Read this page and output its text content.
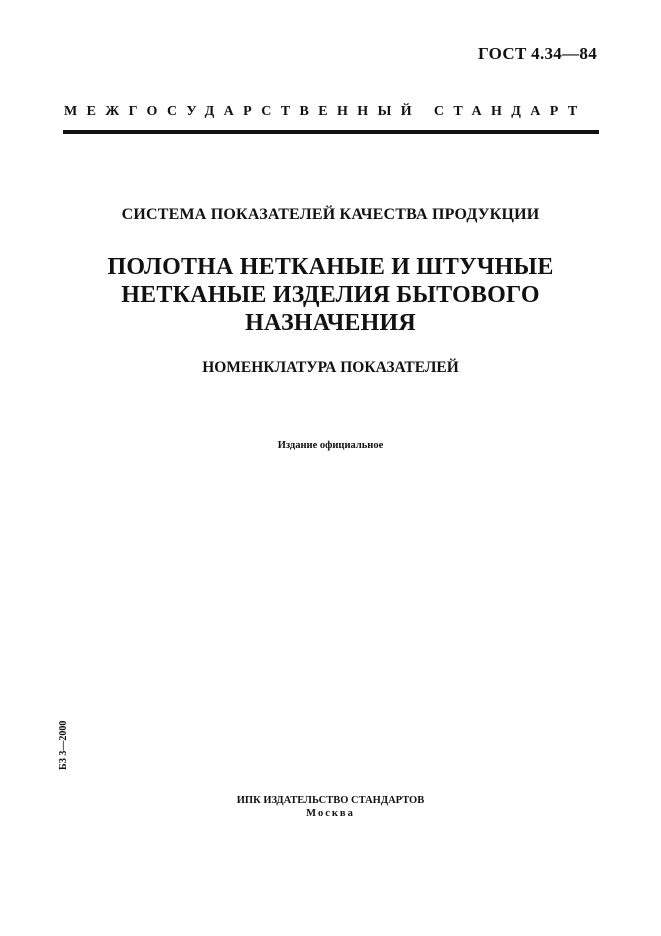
ГОСТ 4.34—84
МЕЖГОСУДАРСТВЕННЫЙ СТАНДАРТ
СИСТЕМА ПОКАЗАТЕЛЕЙ КАЧЕСТВА ПРОДУКЦИИ
ПОЛОТНА НЕТКАНЫЕ И ШТУЧНЫЕ
НЕТКАНЫЕ ИЗДЕЛИЯ БЫТОВОГО
НАЗНАЧЕНИЯ
НОМЕНКЛАТУРА ПОКАЗАТЕЛЕЙ
Издание официальное
БЗ 3—2000
ИПК ИЗДАТЕЛЬСТВО СТАНДАРТОВ
Москва
